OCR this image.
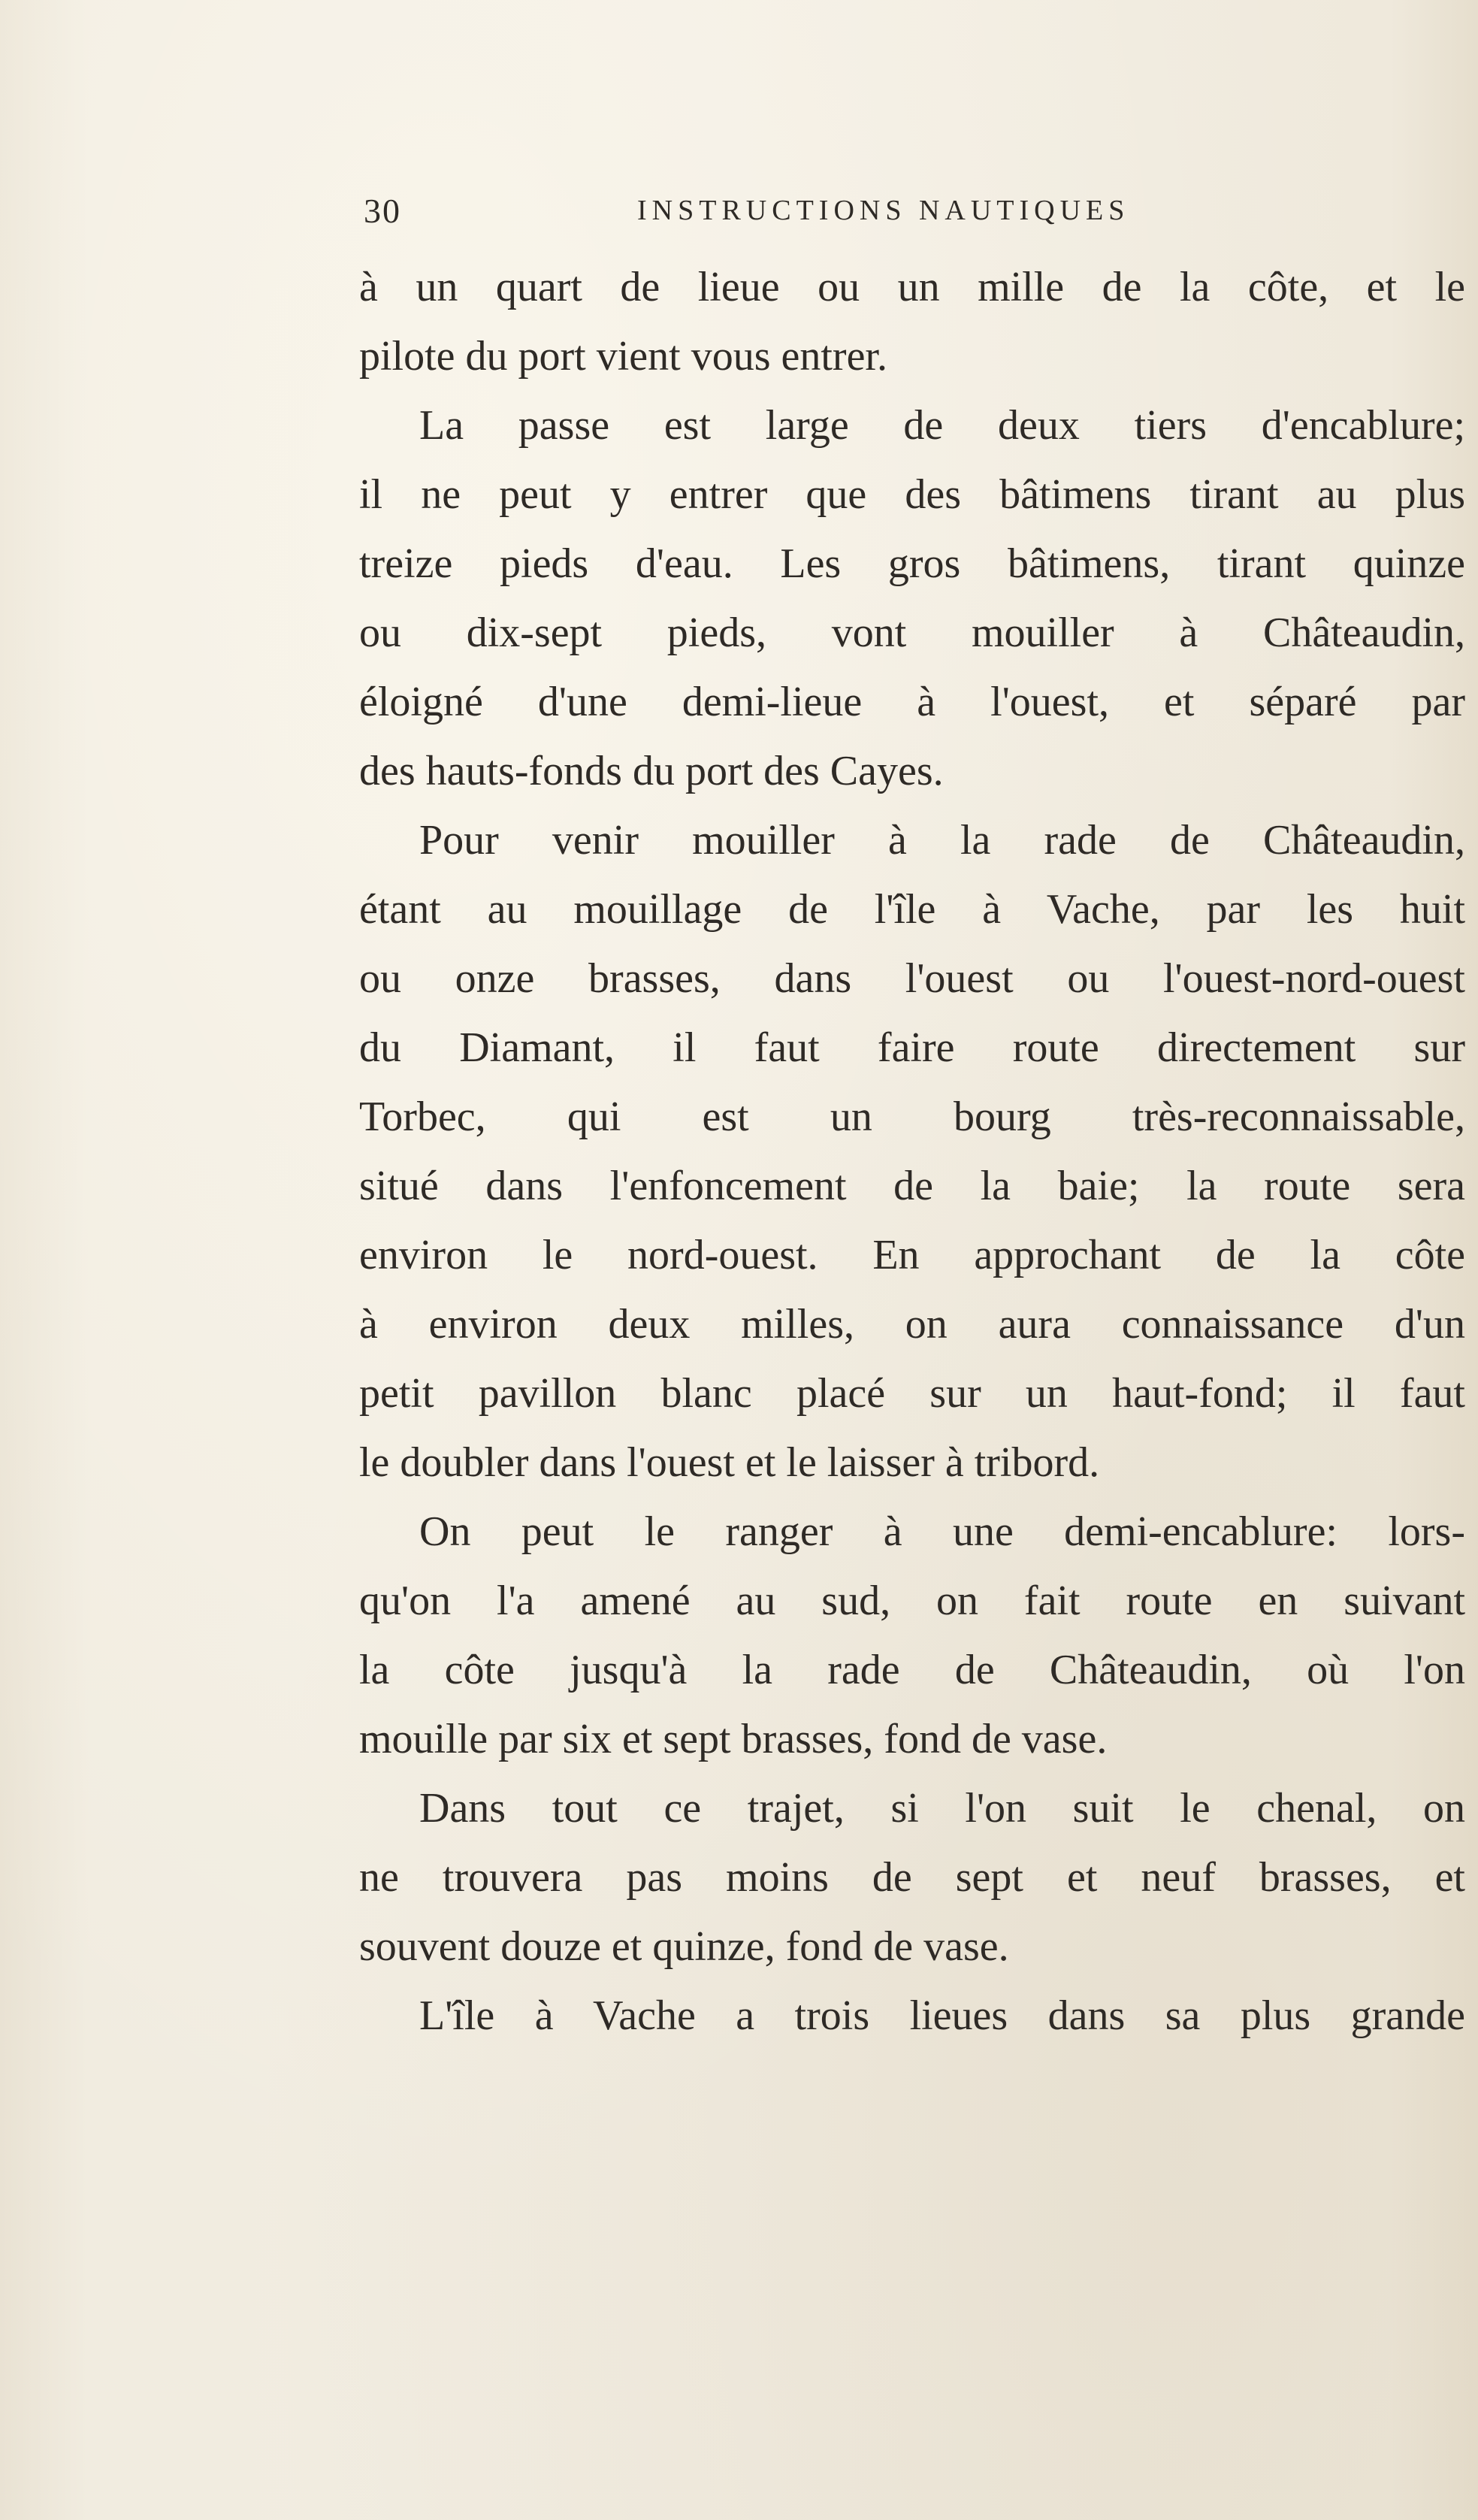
30	INSTRUCTIONS NAUTIQUES
à un quart de lieue ou un mille de la côte, et le
pilote du port vient vous entrer.
La passe est large de deux tiers d'encablure;
il ne peut y entrer que des bâtimens tirant au plus
treize pieds d'eau. Les gros bâtimens, tirant quinze
ou dix-sept pieds, vont mouiller à Châteaudin,
éloigné d'une demi-lieue à l'ouest, et séparé par
des hauts-fonds du port des Cayes.
Pour venir mouiller à la rade de Châteaudin,
étant au mouillage de l'île à Vache, par les huit
ou onze brasses, dans l'ouest ou l'ouest-nord-ouest
du Diamant, il faut faire route directement sur
Torbec, qui est un bourg très-reconnaissable,
situé dans l'enfoncement de la baie; la route sera
environ le nord-ouest. En approchant de la côte
à environ deux milles, on aura connaissance d'un
petit pavillon blanc placé sur un haut-fond; il faut
le doubler dans l'ouest et le laisser à tribord.
On peut le ranger à une demi-encablure: lors-
qu'on l'a amené au sud, on fait route en suivant
la côte jusqu'à la rade de Châteaudin, où l'on
mouille par six et sept brasses, fond de vase.
Dans tout ce trajet, si l'on suit le chenal, on
ne trouvera pas moins de sept et neuf brasses, et
souvent douze et quinze, fond de vase.
L'île à Vache a trois lieues dans sa plus grande
